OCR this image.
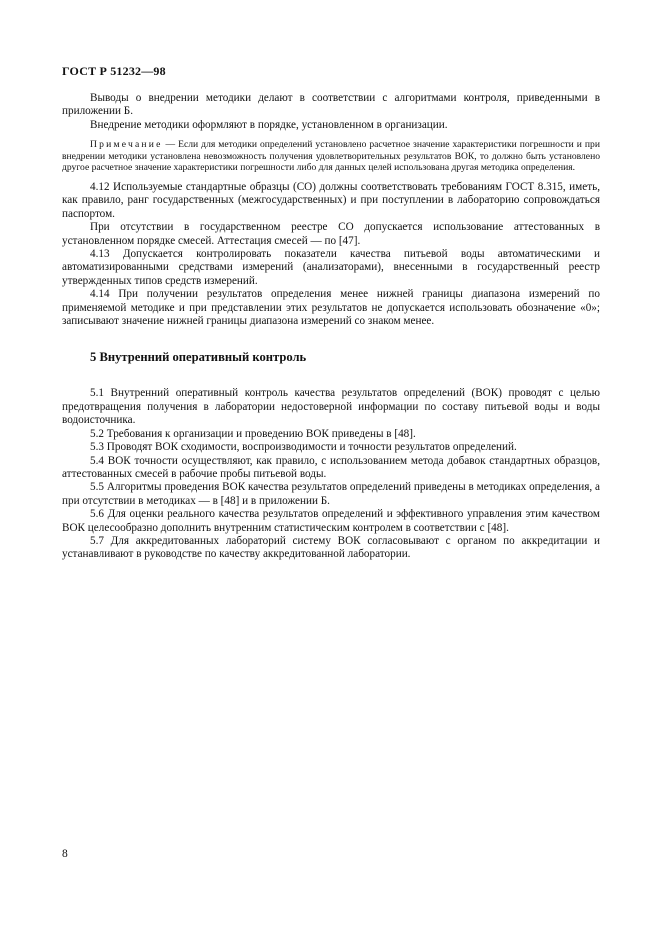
ГОСТ Р 51232—98

Выводы о внедрении методики делают в соответствии с алгоритмами контроля, приведенными в приложении Б.

Внедрение методики оформляют в порядке, установленном в организации.

Примечание — Если для методики определений установлено расчетное значение характеристики погрешности и при внедрении методики установлена невозможность получения удовлетворительных результатов ВОК, то должно быть установлено другое расчетное значение характеристики погрешности либо для данных целей использована другая методика определения.

4.12 Используемые стандартные образцы (СО) должны соответствовать требованиям ГОСТ 8.315, иметь, как правило, ранг государственных (межгосударственных) и при поступлении в лабораторию сопровождаться паспортом.

При отсутствии в государственном реестре СО допускается использование аттестованных в установленном порядке смесей. Аттестация смесей — по [47].

4.13 Допускается контролировать показатели качества питьевой воды автоматическими и автоматизированными средствами измерений (анализаторами), внесенными в государственный реестр утвержденных типов средств измерений.

4.14 При получении результатов определения менее нижней границы диапазона измерений по применяемой методике и при представлении этих результатов не допускается использовать обозначение «0»; записывают значение нижней границы диапазона измерений со знаком менее.

5 Внутренний оперативный контроль

5.1 Внутренний оперативный контроль качества результатов определений (ВОК) проводят с целью предотвращения получения в лаборатории недостоверной информации по составу питьевой воды и воды водоисточника.

5.2 Требования к организации и проведению ВОК приведены в [48].

5.3 Проводят ВОК сходимости, воспроизводимости и точности результатов определений.

5.4 ВОК точности осуществляют, как правило, с использованием метода добавок стандартных образцов, аттестованных смесей в рабочие пробы питьевой воды.

5.5 Алгоритмы проведения ВОК качества результатов определений приведены в методиках определения, а при отсутствии в методиках — в [48] и в приложении Б.

5.6 Для оценки реального качества результатов определений и эффективного управления этим качеством ВОК целесообразно дополнить внутренним статистическим контролем в соответствии с [48].

5.7 Для аккредитованных лабораторий систему ВОК согласовывают с органом по аккредитации и устанавливают в руководстве по качеству аккредитованной лаборатории.

8
